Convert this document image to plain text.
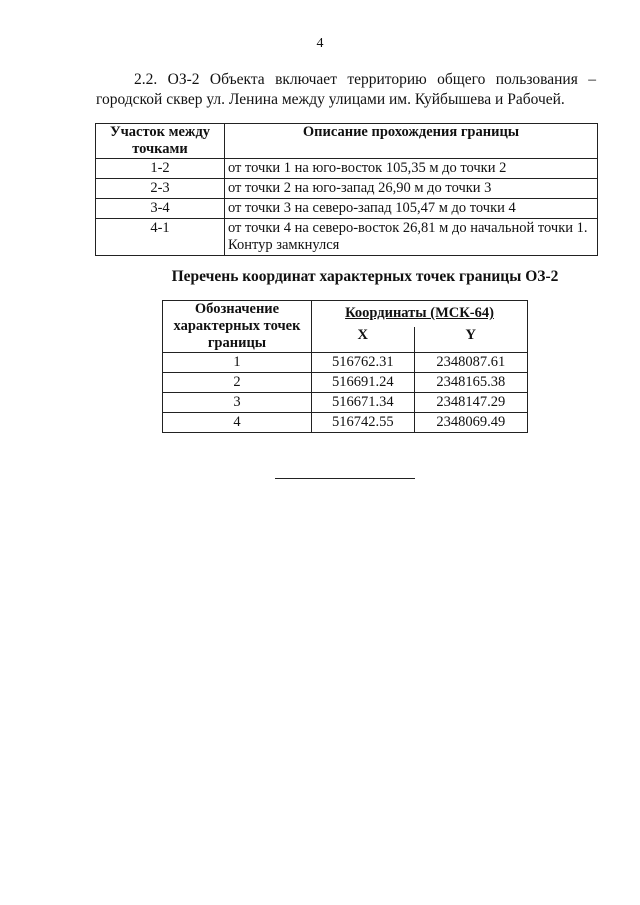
4
2.2. ОЗ-2 Объекта включает территорию общего пользования –
городской сквер ул. Ленина между улицами им. Куйбышева и Рабочей.
Участок между точками	Описание прохождения границы
1-2	от точки 1 на юго-восток 105,35 м до точки 2
2-3	от точки 2 на юго-запад 26,90 м до точки 3
3-4	от точки 3 на северо-запад 105,47 м до точки 4
4-1	от точки 4 на северо-восток 26,81 м до начальной точки 1. Контур замкнулся
Перечень координат характерных точек границы ОЗ-2
Обозначение характерных точек границы	Координаты (МСК-64)	
	X	Y
1	516762.31	2348087.61
2	516691.24	2348165.38
3	516671.34	2348147.29
4	516742.55	2348069.49
